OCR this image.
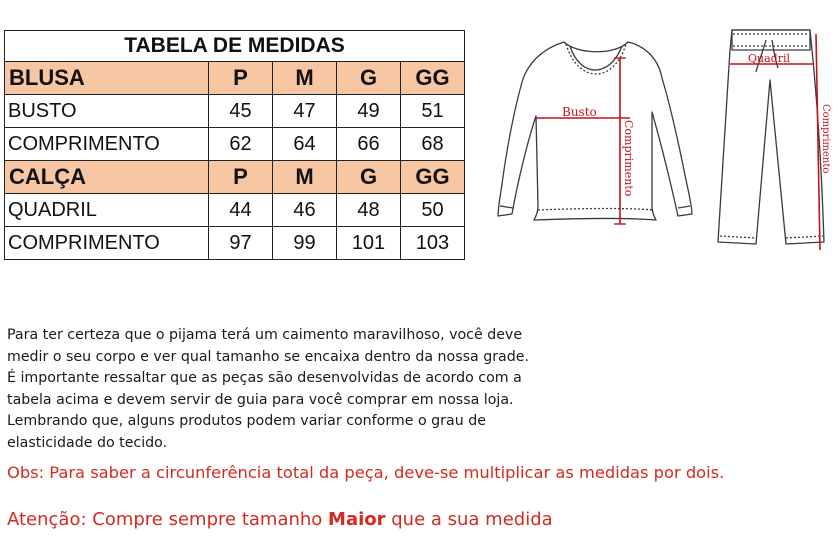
TABELA DE MEDIDAS				
BLUSA	P	M	G	GG
BUSTO	45	47	49	51
COMPRIMENTO	62	64	66	68
CALÇA	P	M	G	GG
QUADRIL	44	46	48	50
COMPRIMENTO	97	99	101	103
Busto
Comprimento
Quadril
Comprimento
Para ter certeza que o pijama terá um caimento maravilhoso, você deve
medir o seu corpo e ver qual tamanho se encaixa dentro da nossa grade.
É importante ressaltar que as peças são desenvolvidas de acordo com a
tabela acima e devem servir de guia para você comprar em nossa loja.
Lembrando que, alguns produtos podem variar conforme o grau de
elasticidade do tecido.
Obs: Para saber a circunferência total da peça, deve-se multiplicar as medidas por dois.
Atenção: Compre sempre tamanho Maior que a sua medida
